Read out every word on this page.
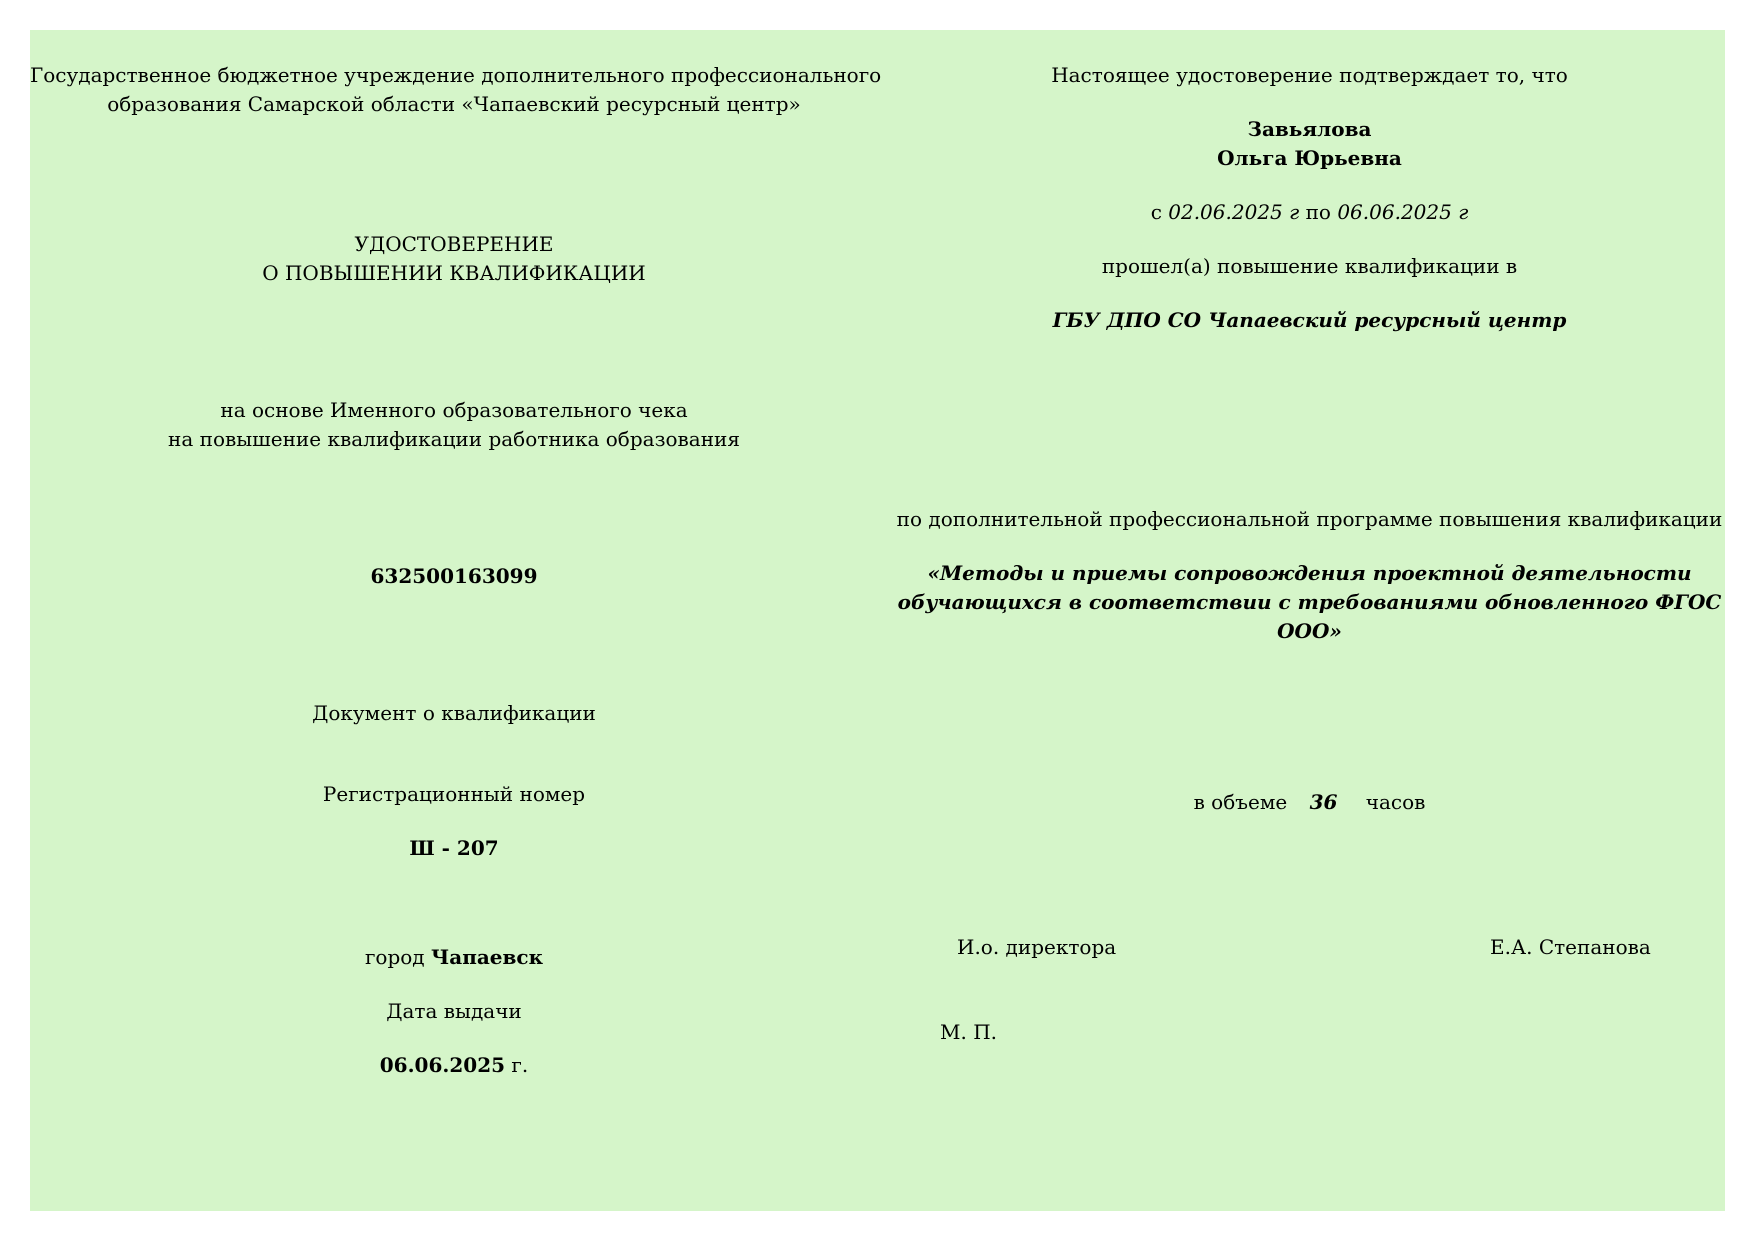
Государственное бюджетное учреждение дополнительного профессионального
образования Самарской области «Чапаевский ресурсный центр»
УДОСТОВЕРЕНИЕ
О ПОВЫШЕНИИ КВАЛИФИКАЦИИ
на основе Именного образовательного чека
на повышение квалификации работника образования
632500163099
Документ о квалификации
Регистрационный номер
Ш - 207
город Чапаевск
Дата выдачи
06.06.2025 г.
Настоящее удостоверение подтверждает то, что
Завьялова
Ольга Юрьевна
с 02.06.2025 г по 06.06.2025 г
прошел(а) повышение квалификации в
ГБУ ДПО СО Чапаевский ресурсный центр
по дополнительной профессиональной программе повышения квалификации
«Методы и приемы сопровождения проектной деятельности
обучающихся в соответствии с требованиями обновленного ФГОС
ООО»
в объеме 36 часов
И.о. директора	Е.А. Степанова
М. П.
